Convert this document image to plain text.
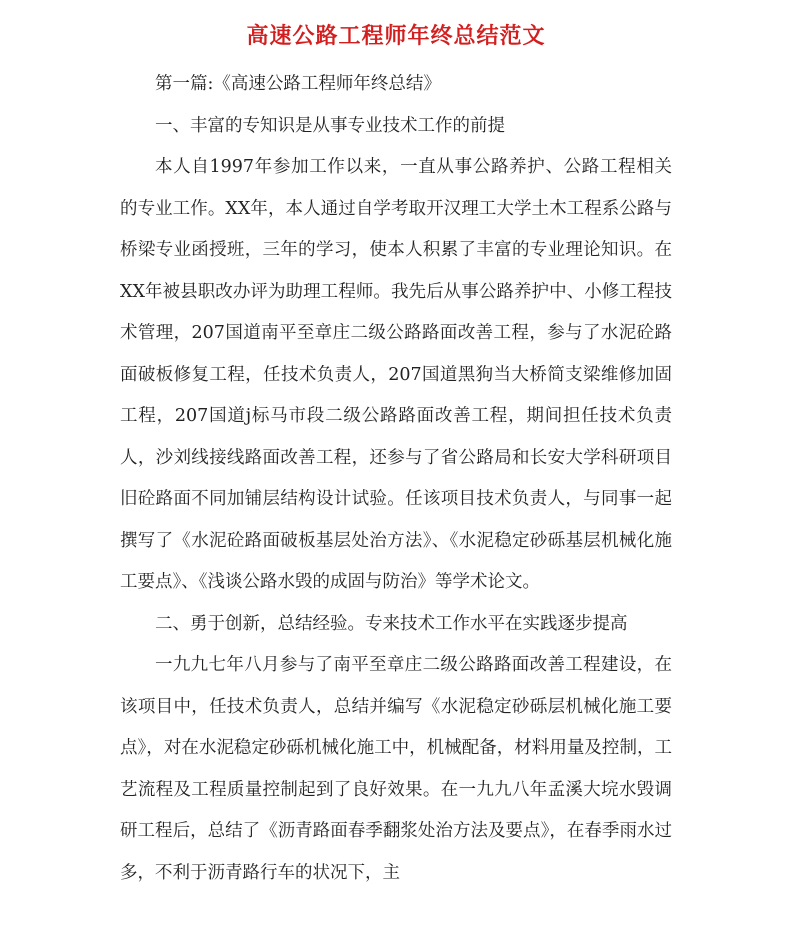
高速公路工程师年终总结范文

第一篇:《高速公路工程师年终总结》

一、丰富的专知识是从事专业技术工作的前提

本人自1997年参加工作以来，一直从事公路养护、公路工程相关的专业工作。XX年，本人通过自学考取开汉理工大学土木工程系公路与桥梁专业函授班，三年的学习，使本人积累了丰富的专业理论知识。在XX年被县职改办评为助理工程师。我先后从事公路养护中、小修工程技术管理，207国道南平至章庄二级公路路面改善工程，参与了水泥砼路面破板修复工程，任技术负责人，207国道黑狗当大桥简支梁维修加固工程，207国道j标马市段二级公路路面改善工程，期间担任技术负责人，沙刘线接线路面改善工程，还参与了省公路局和长安大学科研项目旧砼路面不同加铺层结构设计试验。任该项目技术负责人，与同事一起撰写了《水泥砼路面破板基层处治方法》、《水泥稳定砂砾基层机械化施工要点》、《浅谈公路水毁的成固与防治》等学术论文。

二、勇于创新，总结经验。专来技术工作水平在实践逐步提高

一九九七年八月参与了南平至章庄二级公路路面改善工程建设，在该项目中，任技术负责人，总结并编写《水泥稳定砂砾层机械化施工要点》，对在水泥稳定砂砾机械化施工中，机械配备，材料用量及控制，工艺流程及工程质量控制起到了良好效果。在一九九八年孟溪大垸水毁调研工程后，总结了《沥青路面春季翻浆处治方法及要点》，在春季雨水过多，不利于沥青路行车的状况下，主
